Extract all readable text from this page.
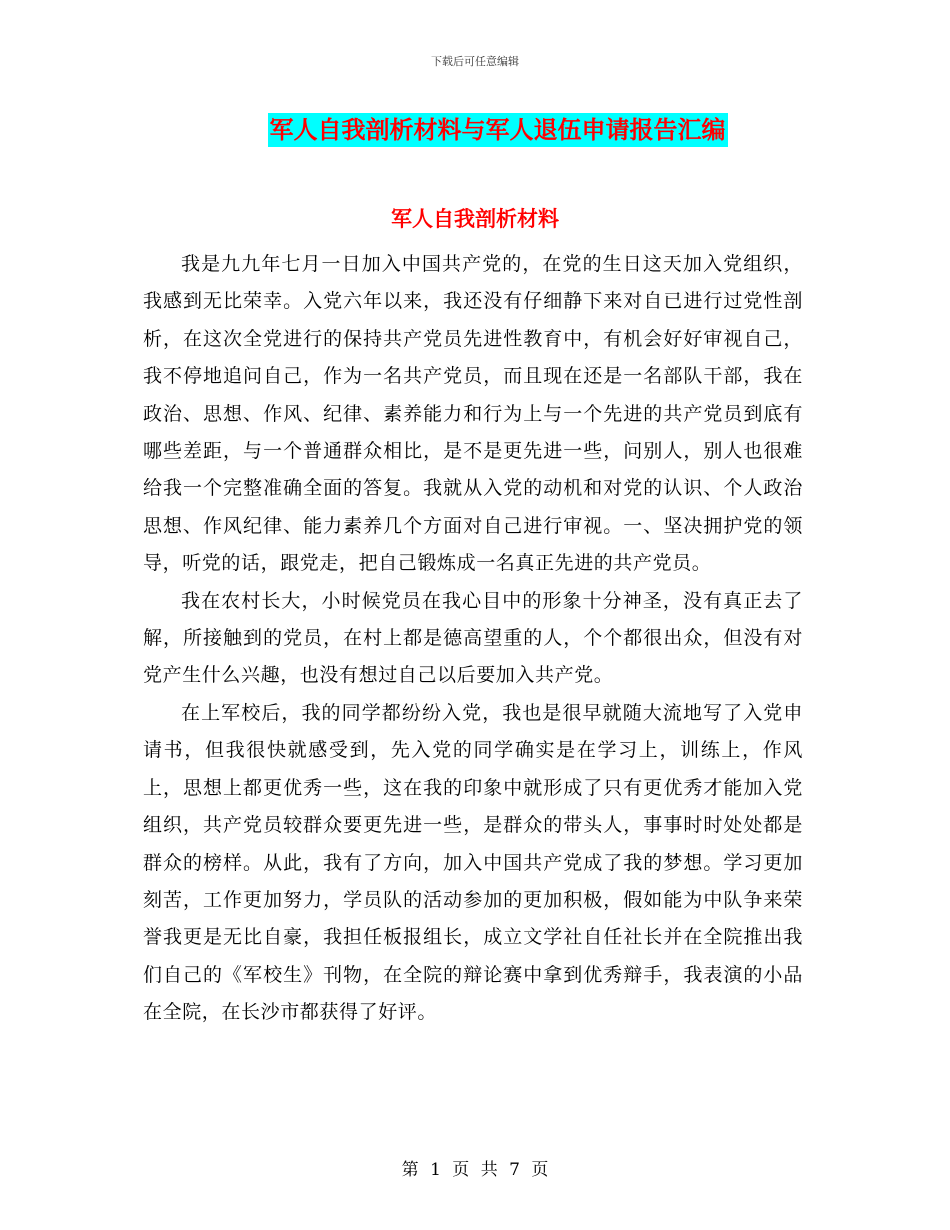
下载后可任意编辑
军人自我剖析材料与军人退伍申请报告汇编
军人自我剖析材料

我是九九年七月一日加入中国共产党的，在党的生日这天加入党组织，我感到无比荣幸。入党六年以来，我还没有仔细静下来对自已进行过党性剖析，在这次全党进行的保持共产党员先进性教育中，有机会好好审视自己，我不停地追问自己，作为一名共产党员，而且现在还是一名部队干部，我在政治、思想、作风、纪律、素养能力和行为上与一个先进的共产党员到底有哪些差距，与一个普通群众相比，是不是更先进一些，问别人，别人也很难给我一个完整准确全面的答复。我就从入党的动机和对党的认识、个人政治思想、作风纪律、能力素养几个方面对自己进行审视。一、坚决拥护党的领导，听党的话，跟党走，把自己锻炼成一名真正先进的共产党员。

我在农村长大，小时候党员在我心目中的形象十分神圣，没有真正去了解，所接触到的党员，在村上都是德高望重的人，个个都很出众，但没有对党产生什么兴趣，也没有想过自己以后要加入共产党。

在上军校后，我的同学都纷纷入党，我也是很早就随大流地写了入党申请书，但我很快就感受到，先入党的同学确实是在学习上，训练上，作风上，思想上都更优秀一些，这在我的印象中就形成了只有更优秀才能加入党组织，共产党员较群众要更先进一些，是群众的带头人，事事时时处处都是群众的榜样。从此，我有了方向，加入中国共产党成了我的梦想。学习更加刻苦，工作更加努力，学员队的活动参加的更加积极，假如能为中队争来荣誉我更是无比自豪，我担任板报组长，成立文学社自任社长并在全院推出我们自己的《军校生》刊物，在全院的辩论赛中拿到优秀辩手，我表演的小品在全院，在长沙市都获得了好评。

第 1 页 共 7 页
